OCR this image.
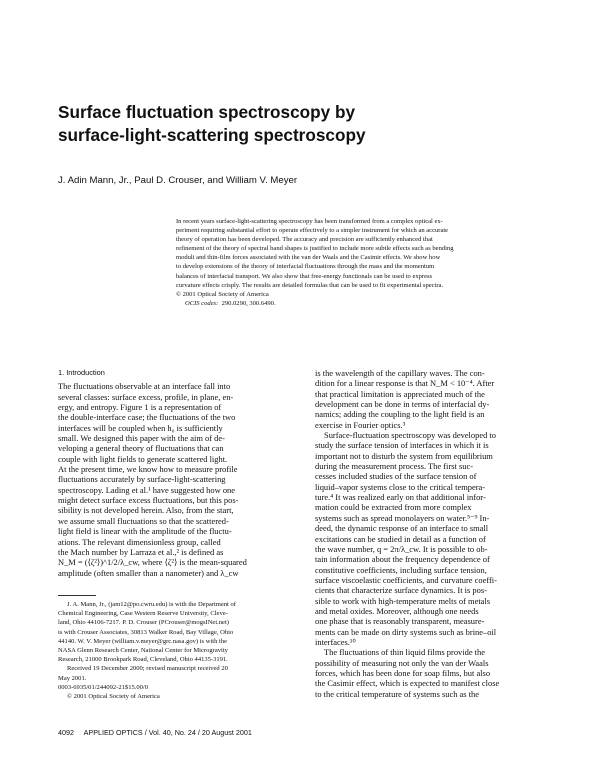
Surface fluctuation spectroscopy by
surface-light-scattering spectroscopy
J. Adin Mann, Jr., Paul D. Crouser, and William V. Meyer
In recent years surface-light-scattering spectroscopy has been transformed from a complex optical ex-
periment requiring substantial effort to operate effectively to a simpler instrument for which an accurate
theory of operation has been developed. The accuracy and precision are sufficiently enhanced that
refinement of the theory of spectral band shapes is justified to include more subtle effects such as bending
moduli and thin-film forces associated with the van der Waals and the Casimir effects. We show how
to develop extensions of the theory of interfacial fluctuations through the mass and the momentum
balances of interfacial transport. We also show that free-energy functionals can be used to express
curvature effects crisply. The results are detailed formulas that can be used to fit experimental spectra.
© 2001 Optical Society of America
OCIS codes: 290.0290, 300.6490.
1. Introduction
The fluctuations observable at an interface fall into
several classes: surface excess, profile, in plane, en-
ergy, and entropy. Figure 1 is a representation of
the double-interface case; the fluctuations of the two
interfaces will be coupled when h₀ is sufficiently
small. We designed this paper with the aim of de-
veloping a general theory of fluctuations that can
couple with light fields to generate scattered light.
At the present time, we know how to measure profile
fluctuations accurately by surface-light-scattering
spectroscopy. Lading et al.¹ have suggested how one
might detect surface excess fluctuations, but this pos-
sibility is not developed herein. Also, from the start,
we assume small fluctuations so that the scattered-
light field is linear with the amplitude of the fluctu-
ations. The relevant dimensionless group, called
the Mach number by Larraza et al.,² is defined as
N_M = (⟨ζ²⟩)^1/2/λ_cw, where ⟨ζ²⟩ is the mean-squared
amplitude (often smaller than a nanometer) and λ_cw
is the wavelength of the capillary waves. The con-
dition for a linear response is that N_M < 10⁻⁴. After
that practical limitation is appreciated much of the
development can be done in terms of interfacial dy-
namics; adding the coupling to the light field is an
exercise in Fourier optics.³
Surface-fluctuation spectroscopy was developed to
study the surface tension of interfaces in which it is
important not to disturb the system from equilibrium
during the measurement process. The first suc-
cesses included studies of the surface tension of
liquid–vapor systems close to the critical tempera-
ture.⁴ It was realized early on that additional infor-
mation could be extracted from more complex
systems such as spread monolayers on water.⁵⁻⁹ In-
deed, the dynamic response of an interface to small
excitations can be studied in detail as a function of
the wave number, q = 2π/λ_cw. It is possible to ob-
tain information about the frequency dependence of
constitutive coefficients, including surface tension,
surface viscoelastic coefficients, and curvature coeffi-
cients that characterize surface dynamics. It is pos-
sible to work with high-temperature melts of metals
and metal oxides. Moreover, although one needs
one phase that is reasonably transparent, measure-
ments can be made on dirty systems such as brine–oil
interfaces.¹⁰
The fluctuations of thin liquid films provide the
possibility of measuring not only the van der Waals
forces, which has been done for soap films, but also
the Casimir effect, which is expected to manifest close
to the critical temperature of systems such as the
J. A. Mann, Jr., (jam12@po.cwru.edu) is with the Department of
Chemical Engineering, Case Western Reserve University, Cleve-
land, Ohio 44106-7217. P. D. Crouser (PCrouser@mogsINet.net)
is with Crouser Associates, 30813 Walker Road, Bay Village, Ohio
44140. W. V. Meyer (william.v.meyer@grc.nasa.gov) is with the
NASA Glenn Research Center, National Center for Microgravity
Research, 21000 Brookpark Road, Cleveland, Ohio 44135-3191.
Received 19 December 2000; revised manuscript received 20
May 2001.
0003-6935/01/244092-21$15.00/0
© 2001 Optical Society of America
4092 APPLIED OPTICS / Vol. 40, No. 24 / 20 August 2001
